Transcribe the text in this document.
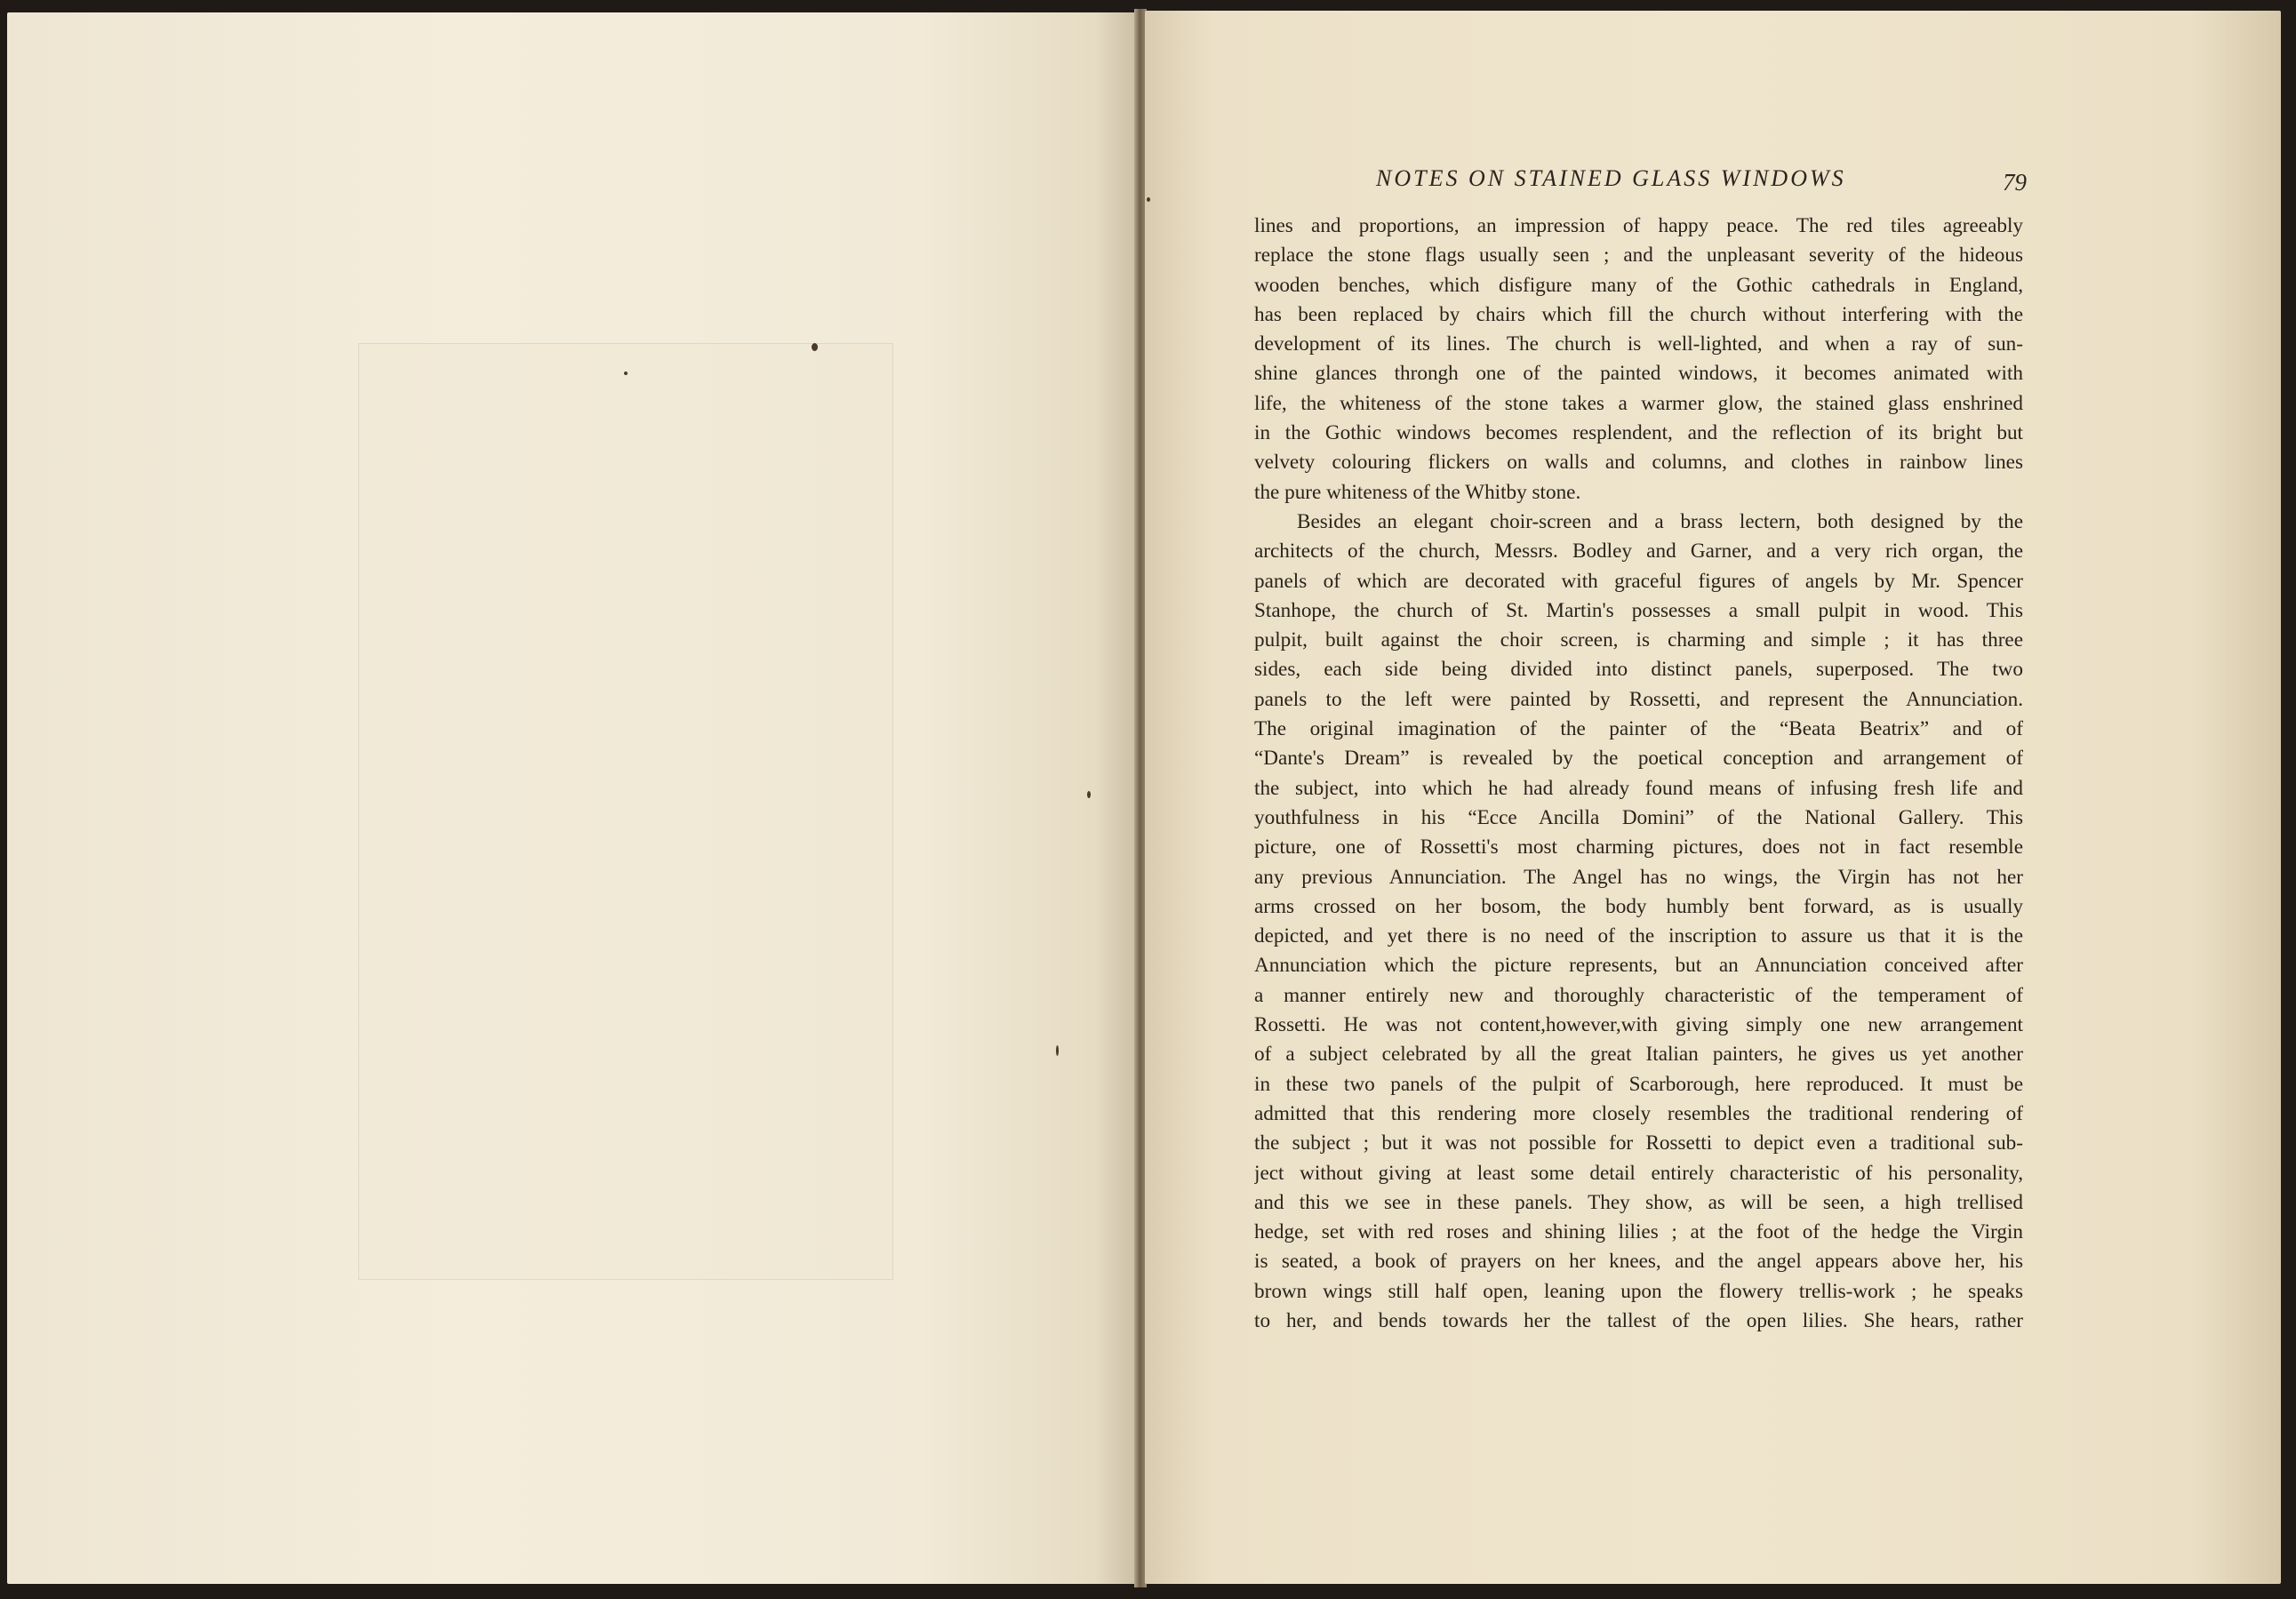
NOTES ON STAINED GLASS WINDOWS	79
lines and proportions, an impression of happy peace. The red tiles agreeably
replace the stone flags usually seen ; and the unpleasant severity of the hideous
wooden benches, which disfigure many of the Gothic cathedrals in England,
has been replaced by chairs which fill the church without interfering with the
development of its lines. The church is well-lighted, and when a ray of sun-
shine glances throngh one of the painted windows, it becomes animated with
life, the whiteness of the stone takes a warmer glow, the stained glass enshrined
in the Gothic windows becomes resplendent, and the reflection of its bright but
velvety colouring flickers on walls and columns, and clothes in rainbow lines
the pure whiteness of the Whitby stone.
Besides an elegant choir-screen and a brass lectern, both designed by the
architects of the church, Messrs. Bodley and Garner, and a very rich organ, the
panels of which are decorated with graceful figures of angels by Mr. Spencer
Stanhope, the church of St. Martin's possesses a small pulpit in wood. This
pulpit, built against the choir screen, is charming and simple ; it has three
sides, each side being divided into distinct panels, superposed. The two
panels to the left were painted by Rossetti, and represent the Annunciation.
The original imagination of the painter of the “Beata Beatrix” and of
“Dante's Dream” is revealed by the poetical conception and arrangement of
the subject, into which he had already found means of infusing fresh life and
youthfulness in his “Ecce Ancilla Domini” of the National Gallery. This
picture, one of Rossetti's most charming pictures, does not in fact resemble
any previous Annunciation. The Angel has no wings, the Virgin has not her
arms crossed on her bosom, the body humbly bent forward, as is usually
depicted, and yet there is no need of the inscription to assure us that it is the
Annunciation which the picture represents, but an Annunciation conceived after
a manner entirely new and thoroughly characteristic of the temperament of
Rossetti. He was not content,however,with giving simply one new arrangement
of a subject celebrated by all the great Italian painters, he gives us yet another
in these two panels of the pulpit of Scarborough, here reproduced. It must be
admitted that this rendering more closely resembles the traditional rendering of
the subject ; but it was not possible for Rossetti to depict even a traditional sub-
ject without giving at least some detail entirely characteristic of his personality,
and this we see in these panels. They show, as will be seen, a high trellised
hedge, set with red roses and shining lilies ; at the foot of the hedge the Virgin
is seated, a book of prayers on her knees, and the angel appears above her, his
brown wings still half open, leaning upon the flowery trellis-work ; he speaks
to her, and bends towards her the tallest of the open lilies. She hears, rather
